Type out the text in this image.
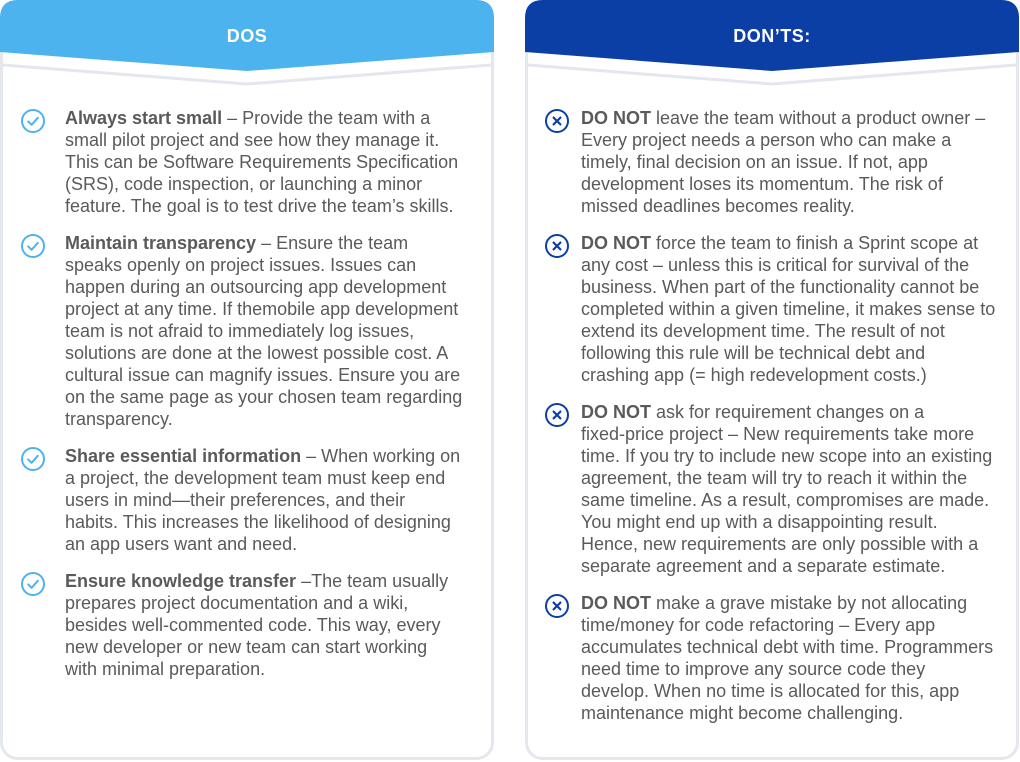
DOS

Always start small – Provide the team with a
small pilot project and see how they manage it.
This can be Software Requirements Specification
(SRS), code inspection, or launching a minor
feature. The goal is to test drive the team’s skills.

Maintain transparency – Ensure the team
speaks openly on project issues. Issues can
happen during an outsourcing app development
project at any time. If themobile app development
team is not afraid to immediately log issues,
solutions are done at the lowest possible cost. A
cultural issue can magnify issues. Ensure you are
on the same page as your chosen team regarding
transparency.

Share essential information – When working on
a project, the development team must keep end
users in mind—their preferences, and their
habits. This increases the likelihood of designing
an app users want and need.

Ensure knowledge transfer –The team usually
prepares project documentation and a wiki,
besides well-commented code. This way, every
new developer or new team can start working
with minimal preparation.

DON’TS:

DO NOT leave the team without a product owner –
Every project needs a person who can make a
timely, final decision on an issue. If not, app
development loses its momentum. The risk of
missed deadlines becomes reality.

DO NOT force the team to finish a Sprint scope at
any cost – unless this is critical for survival of the
business. When part of the functionality cannot be
completed within a given timeline, it makes sense to
extend its development time. The result of not
following this rule will be technical debt and
crashing app (= high redevelopment costs.)

DO NOT ask for requirement changes on a
fixed-price project – New requirements take more
time. If you try to include new scope into an existing
agreement, the team will try to reach it within the
same timeline. As a result, compromises are made.
You might end up with a disappointing result.
Hence, new requirements are only possible with a
separate agreement and a separate estimate.

DO NOT make a grave mistake by not allocating
time/money for code refactoring – Every app
accumulates technical debt with time. Programmers
need time to improve any source code they
develop. When no time is allocated for this, app
maintenance might become challenging.
